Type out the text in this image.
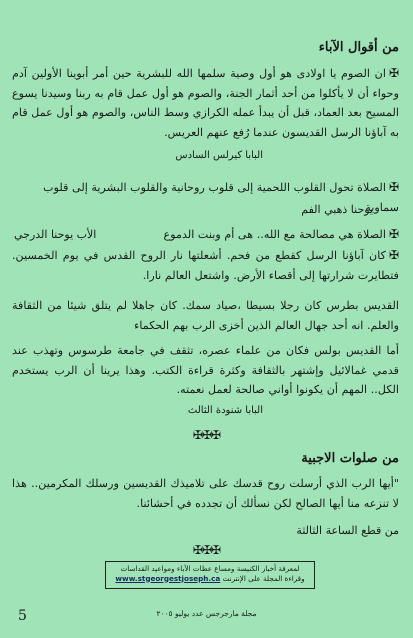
من أقوال الآباء
✠ان الصوم يا اولادى هو أول وصية سلمها الله للبشرية حين أمر أبوينا الأولين آدم وحواء أن لا يأكلوا من أحد أثمار الجنة، والصوم هو أول عمل قام به ربنا وسيدنا يسوع المسيح بعد العماد، قبل أن يبدأ عمله الكرازي وسط الناس، والصوم هو أول عمل قام به آباؤنا الرسل القديسون عندما رُفع عنهم العريس.
البابا كيرلس السادس
✠الصلاة تحول القلوب اللحمية إلى قلوب روحانية والقلوب البشرية إلى قلوب سماوية
يوحنا ذهبي الفم
✠الصلاة هي مصالحة مع الله.. هى أم وبنت الدموع
الأب يوحنا الدرجي
✠كان آباؤنا الرسل كقطع من فحم. أشعلتها نار الروح القدس في يوم الخمسين. فتطايرت شرارتها إلى أقصاء الأرض. واشتعل العالم نارا.
القديس بطرس كان رجلا بسيطا ،صياد سمك. كان جاهلا لم يتلق شيئا من الثقافة والعلم. انه أحد جهال العالم الذين أخزى الرب بهم الحكماء
أما القديس بولس فكان من علماء عصره، تثقف في جامعة طرسوس وتهذب عند قدمي غمالائيل وإشتهر بالثقافة وكثرة قراءة الكتب. وهذا يرينا أن الرب يستخدم الكل.. المهم أن يكونوا أواني صالحة لعمل نعمته.
البابا شنودة الثالث
✠✠✠
من صلوات الاجبية
"أيها الرب الذي أرسلت روح قدسك على تلاميذك القديسين ورسلك المكرمين.. هذا لا تنزعه منا أيها الصالح لكن نسألك أن تجدده في أحشائنا.
من قطع الساعة الثالثة
✠✠✠
لمعرفة أخبار الكنيسة ومساع عظات الآباء ومواعيد القداسات
www.stgeorgestjoseph.ca وقراءة المجلة على الإنترنت
مجلة مارجرجس عدد يوليو ٢٠٠٥
5
